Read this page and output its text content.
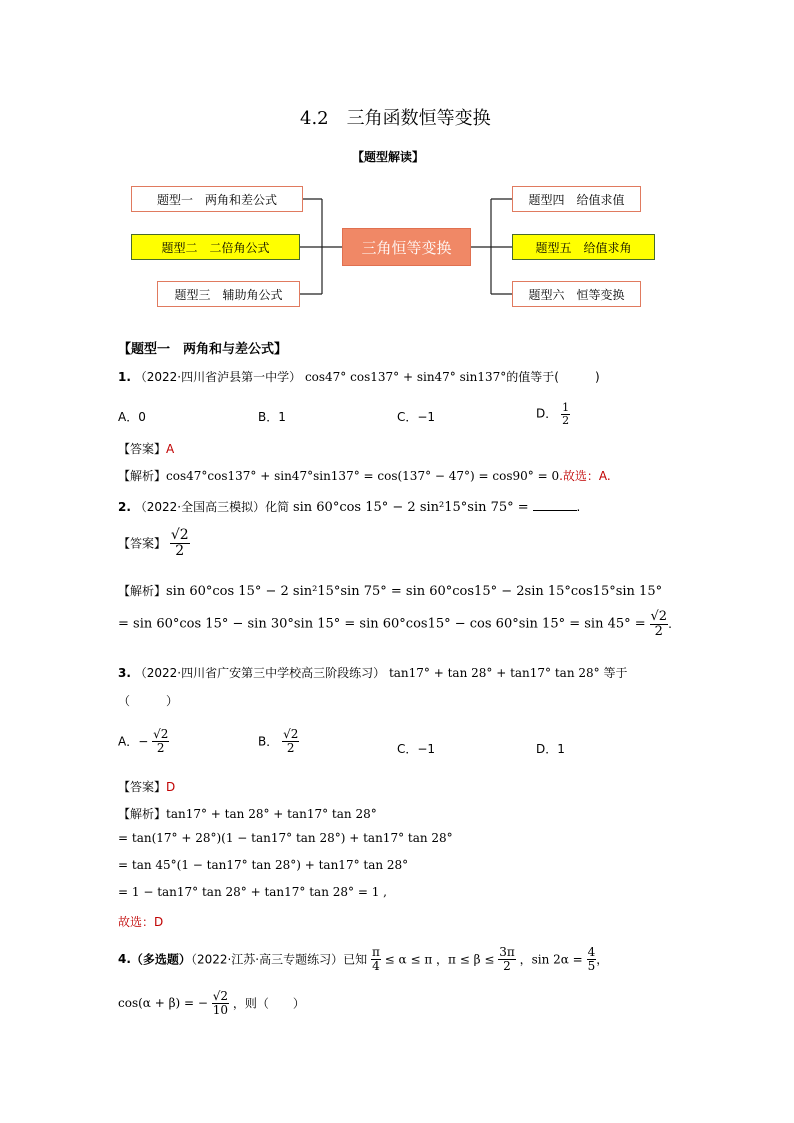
4.2　三角函数恒等变换
【题型解读】
题型一　两角和差公式
题型二　二倍角公式
题型三　辅助角公式
三角恒等变换
题型四　给值求值
题型五　给值求角
题型六　恒等变换
【题型一　两角和与差公式】
1. （2022·四川省泸县第一中学） cos47° cos137° + sin47° sin137°的值等于(　　　)
A．0	B．1	C．−1	D． $\frac{1}{2}$
【答案】A
【解析】cos47°cos137° + sin47°sin137° = cos(137° − 47°) = cos90° = 0.故选：A.
2. （2022·全国高三模拟）化简 sin 60°cos 15° − 2 sin²15°sin 75° =	.
【答案】 $\frac{√2}{2}$
【解析】sin 60°cos 15° − 2 sin²15°sin 75° = sin 60°cos15° − 2sin 15°cos15°sin 15°
= sin 60°cos 15° − sin 30°sin 15° = sin 60°cos15° − cos 60°sin $15^\circ = \sin 45^\circ = \frac{√2}{2}$ .
3. （2022·四川省广安第三中学校高三阶段练习） tan17° + tan 28° + tan17° tan 28° 等于
（　　　）
A．− $\frac{√2}{2}$	B． $\frac{√2}{2}$	C．−1	D．1
【答案】D
【解析】tan17° + tan 28° + tan17° tan 28°
= tan(17° + 28°)(1 − tan17° tan 28°) + tan17° tan 28°
= tan 45°(1 − tan17° tan 28°) + tan17° tan 28°
= 1 − tan17° tan 28° + tan17° tan 28° = 1 ,
故选：D
4.（多选题）（2022·江苏·高三专题练习）已知 $\frac{\pi}{4} \le \alpha \le \pi$ ，$\pi \le \beta \le \frac{3\pi}{2}$ ，$\sin 2\alpha = \frac{4}{5}$ ，
cos(α + β) = − $\frac{√2}{10}$ ，则（　　）
